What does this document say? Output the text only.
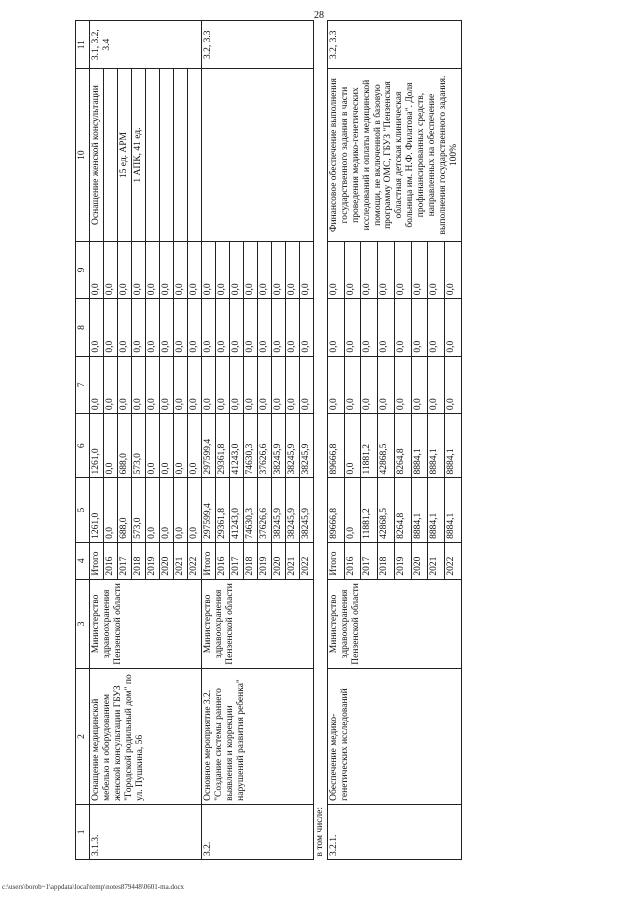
28
1	2	3	4	5	6	7	8	9	10	11
3.1.3.	Оснащение медицинской мебелью и оборудованием женской консультации ГБУЗ "Городской родильный дом" по ул. Пушкина, 56	Министерство здравоохранения Пензенской области	Итого	1261,0	1261,0	0,0	0,0	0,0	Оснащение женской консультации	3.1, 3.2, 3.4
			2016	0,0	0,0	0,0	0,0	0,0		
			2017	688,0	688,0	0,0	0,0	0,0	15 ед. АРМ	
			2018	573,0	573,0	0,0	0,0	0,0	1 АПК, 41 ед.	
			2019	0,0	0,0	0,0	0,0	0,0		
			2020	0,0	0,0	0,0	0,0	0,0		
			2021	0,0	0,0	0,0	0,0	0,0		
			2022	0,0	0,0	0,0	0,0	0,0		
3.2.	Основное мероприятие 3.2. "Создание системы раннего выявления и коррекции нарушений развития ребенка"	Министерство здравоохранения Пензенской области	Итого	297599,4	297599,4	0,0	0,0	0,0		3.2, 3.3
			2016	29361,8	29361,8	0,0	0,0	0,0		
			2017	41243,0	41243,0	0,0	0,0	0,0		
			2018	74630,3	74630,3	0,0	0,0	0,0		
			2019	37626,6	37626,6	0,0	0,0	0,0		
			2020	38245,9	38245,9	0,0	0,0	0,0		
			2021	38245,9	38245,9	0,0	0,0	0,0		
			2022	38245,9	38245,9	0,0	0,0	0,0		
в том числе:										
3.2.1.	Обеспечение медико-генетических исследований	Министерство здравоохранения Пензенской области	Итого	89666,8	89666,8	0,0	0,0	0,0	Финансовое обеспечение выполнения государственного задания в части проведения медико-генетических исследований и оплаты медицинской помощи, не включенной в базовую программу ОМС, ГБУЗ "Пензенская областная детская клиническая больница им. Н.Ф. Филатова". Доля профинансированных средств, направленных на обеспечение выполнения государственного задания. 100%	3.2, 3.3
			2016	0,0	0,0	0,0	0,0	0,0		
			2017	11881,2	11881,2	0,0	0,0	0,0		
			2018	42868,5	42868,5	0,0	0,0	0,0		
			2019	8264,8	8264,8	0,0	0,0	0,0		
			2020	8884,1	8884,1	0,0	0,0	0,0		
			2021	8884,1	8884,1	0,0	0,0	0,0		
			2022	8884,1	8884,1	0,0	0,0	0,0		
c:\users\borob~1\appdata\local\temp\notes879448\0601-ma.docx
